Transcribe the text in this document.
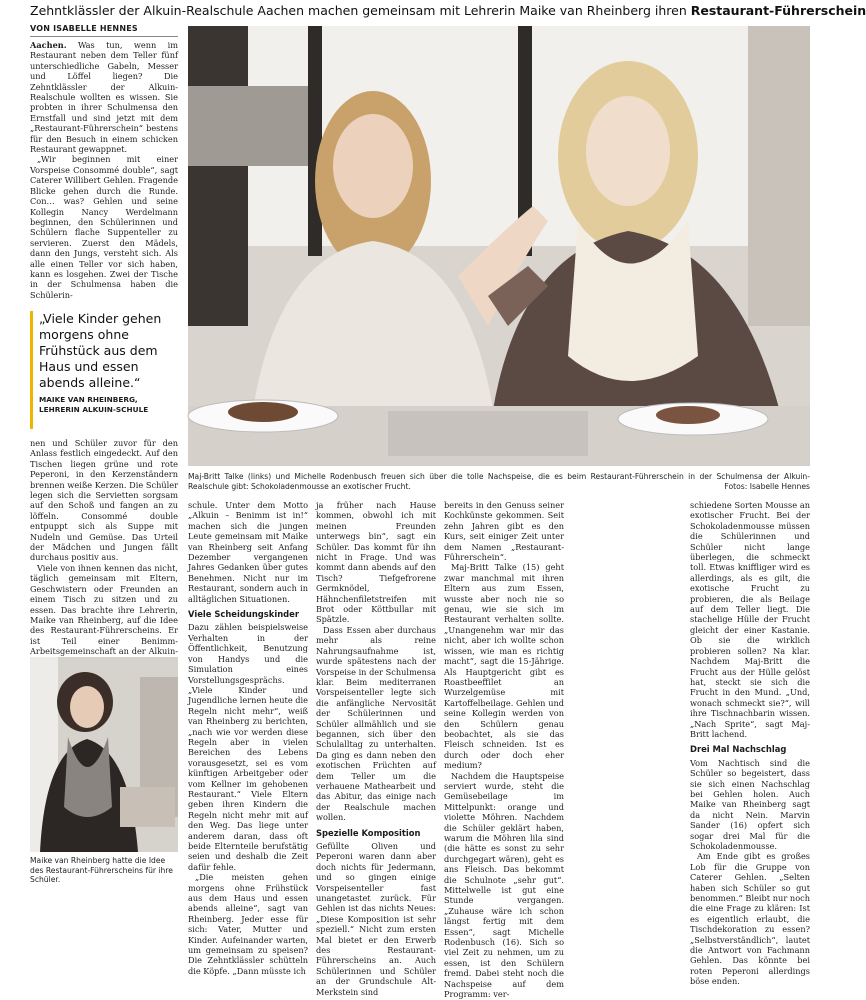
Zehntklässler der Alkuin-Realschule Aachen machen gemeinsam mit Lehrerin Maike van Rheinberg ihren Restaurant-Führerschein
VON ISABELLE HENNES

Aachen. Was tun, wenn im Restaurant neben dem Teller fünf unterschiedliche Gabeln, Messer und Löffel liegen? Die Zehntklässler der Alkuin-Realschule wollten es wissen. Sie probten in ihrer Schulmensa den Ernstfall und sind jetzt mit dem „Restaurant-Führerschein“ bestens für den Besuch in einem schicken Restaurant gewappnet.

„Wir beginnen mit einer Vorspeise Consommé double“, sagt Caterer Willibert Gehlen. Fragende Blicke gehen durch die Runde. Con… was? Gehlen und seine Kollegin Nancy Werdelmann beginnen, den Schülerinnen und Schülern flache Suppenteller zu servieren. Zuerst den Mädels, dann den Jungs, versteht sich. Als alle einen Teller vor sich haben, kann es losgehen. Zwei der Tische in der Schulmensa haben die Schülerin-

„Viele Kinder gehen morgens ohne Frühstück aus dem Haus und essen abends alleine.“
MAIKE VAN RHEINBERG,
LEHRERIN ALKUIN-SCHULE

nen und Schüler zuvor für den Anlass festlich eingedeckt. Auf den Tischen liegen grüne und rote Peperoni, in den Kerzenständern brennen weiße Kerzen. Die Schüler legen sich die Servietten sorgsam auf den Schoß und fangen an zu löffeln. Consommé double entpuppt sich als Suppe mit Nudeln und Gemüse. Das Urteil der Mädchen und Jungen fällt durchaus positiv aus.

Viele von ihnen kennen das nicht, täglich gemeinsam mit Eltern, Geschwistern oder Freunden an einem Tisch zu sitzen und zu essen. Das brachte ihre Lehrerin, Maike van Rheinberg, auf die Idee des Restaurant-Führerscheins. Er ist Teil einer Benimm-Arbeitsgemeinschaft an der Alkuin-

Maj-Britt Talke (links) und Michelle Rodenbusch freuen sich über die tolle Nachspeise, die es beim Restaurant-Führerschein in der Schulmensa der Alkuin-Realschule gibt: Schokoladenmousse an exotischer Frucht.	Fotos: Isabelle Hennes

schule. Unter dem Motto „Alkuin – Benimm ist in!“ machen sich die jungen Leute gemeinsam mit Maike van Rheinberg seit Anfang Dezember vergangenen Jahres Gedanken über gutes Benehmen. Nicht nur im Restaurant, sondern auch in alltäglichen Situationen.

Viele Scheidungskinder

Dazu zählen beispielsweise Verhalten in der Öffentlichkeit, Benutzung von Handys und die Simulation eines Vorstellungsgesprächs. „Viele Kinder und Jugendliche lernen heute die Regeln nicht mehr“, weiß van Rheinberg zu berichten, „nach wie vor werden diese Regeln aber in vielen Bereichen des Lebens vorausgesetzt, sei es vom künftigen Arbeitgeber oder vom Kellner im gehobenen Restaurant.“ Viele Eltern geben ihren Kindern die Regeln nicht mehr mit auf den Weg. Das liege unter anderem daran, dass oft beide Elternteile berufstätig seien und deshalb die Zeit dafür fehle.

„Die meisten gehen morgens ohne Frühstück aus dem Haus und essen abends alleine“, sagt van Rheinberg. Jeder esse für sich: Vater, Mutter und Kinder. Aufeinander warten, um gemeinsam zu speisen? Die Zehntklässler schütteln die Köpfe. „Dann müsste ich

ja früher nach Hause kommen, obwohl ich mit meinen Freunden unterwegs bin“, sagt ein Schüler. Das kommt für ihn nicht in Frage. Und was kommt dann abends auf den Tisch? Tiefgefrorene Germknödel, Hähnchenfiletstreifen mit Brot oder Köttbullar mit Spätzle.

Dass Essen aber durchaus mehr als reine Nahrungsaufnahme ist, wurde spätestens nach der Vorspeise in der Schulmensa klar. Beim mediterranen Vorspeisenteller legte sich die anfängliche Nervosität der Schülerinnen und Schüler allmählich und sie begannen, sich über den Schulalltag zu unterhalten. Da ging es dann neben den exotischen Früchten auf dem Teller um die verhauene Mathearbeit und das Abitur, das einige nach der Realschule machen wollen.

Spezielle Komposition

Gefüllte Oliven und Peperoni waren dann aber doch nichts für Jedermann, und so gingen einige Vorspeisenteller fast unangetastet zurück. Für Gehlen ist das nichts Neues: „Diese Komposition ist sehr speziell.“ Nicht zum ersten Mal bietet er den Erwerb des Restaurant-Führerscheins an. Auch Schülerinnen und Schüler an der Grundschule Alt-Merkstein sind

bereits in den Genuss seiner Kochkünste gekommen. Seit zehn Jahren gibt es den Kurs, seit einiger Zeit unter dem Namen „Restaurant-Führerschein“.

Maj-Britt Talke (15) geht zwar manchmal mit ihren Eltern aus zum Essen, wusste aber noch nie so genau, wie sie sich im Restaurant verhalten sollte. „Unangenehm war mir das nicht, aber ich wollte schon wissen, wie man es richtig macht“, sagt die 15-Jährige. Als Hauptgericht gibt es Roastbeeffilet an Wurzelgemüse mit Kartoffelbeilage. Gehlen und seine Kollegin werden von den Schülern genau beobachtet, als sie das Fleisch schneiden. Ist es durch oder doch eher medium?

Nachdem die Hauptspeise serviert wurde, steht die Gemüsebeilage im Mittelpunkt: orange und violette Möhren. Nachdem die Schüler geklärt haben, warum die Möhren lila sind (die hätte es sonst zu sehr durchgegart wären), geht es ans Fleisch. Das bekommt die Schulnote „sehr gut“. Mittelwelle ist gut eine Stunde vergangen. „Zuhause wäre ich schon längst fertig mit dem Essen“, sagt Michelle Rodenbusch (16). Sich so viel Zeit zu nehmen, um zu essen, ist den Schülern fremd. Dabei steht noch die Nachspeise auf dem Programm: ver-

schiedene Sorten Mousse an exotischer Frucht. Bei der Schokoladenmousse müssen die Schülerinnen und Schüler nicht lange überlegen, die schmeckt toll. Etwas kniffliger wird es allerdings, als es gilt, die exotische Frucht zu probieren, die als Beilage auf dem Teller liegt. Die stachelige Hülle der Frucht gleicht der einer Kastanie. Ob sie die wirklich probieren sollen? Na klar. Nachdem Maj-Britt die Frucht aus der Hülle gelöst hat, steckt sie sich die Frucht in den Mund. „Und, wonach schmeckt sie?“, will ihre Tischnachbarin wissen. „Nach Sprite“, sagt Maj-Britt lachend.

Drei Mal Nachschlag

Vom Nachtisch sind die Schüler so begeistert, dass sie sich einen Nachschlag bei Gehlen holen. Auch Maike van Rheinberg sagt da nicht Nein. Marvin Sander (16) opfert sich sogar drei Mal für die Schokoladenmousse.

Am Ende gibt es großes Lob für die Gruppe von Caterer Gehlen. „Selten haben sich Schüler so gut benommen.“ Bleibt nur noch die eine Frage zu klären: Ist es eigentlich erlaubt, die Tischdekoration zu essen? „Selbstverständlich“, lautet die Antwort von Fachmann Gehlen. Das könnte bei roten Peperoni allerdings böse enden.

Maike van Rheinberg hatte die Idee des Restaurant-Führerscheins für ihre Schüler.
